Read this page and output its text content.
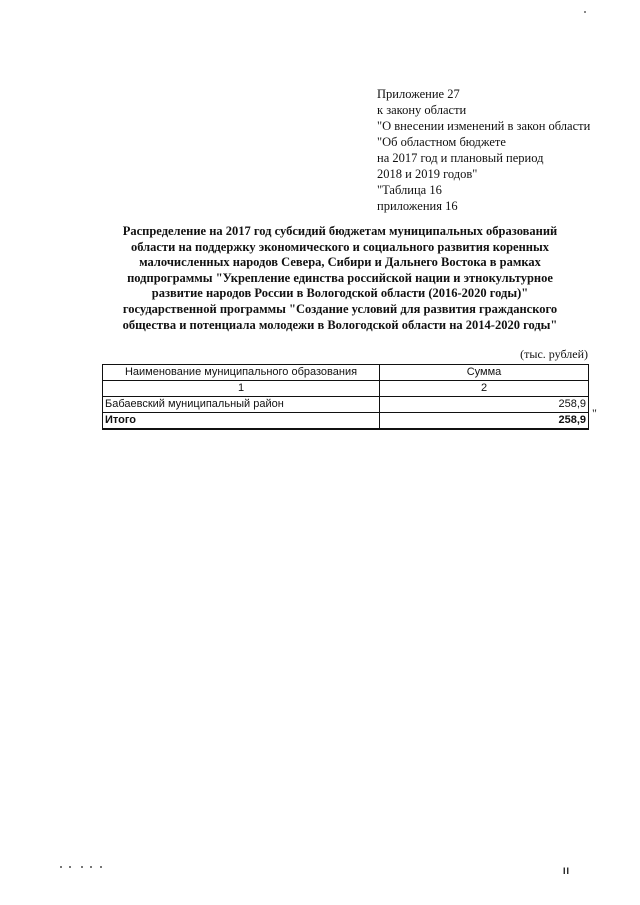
Приложение 27
к закону области
"О внесении изменений в закон области
"Об областном бюджете
на 2017 год и плановый период
2018 и 2019 годов"
"Таблица 16
приложения 16
Распределение на 2017 год субсидий бюджетам муниципальных образований
области на поддержку экономического и социального развития коренных
малочисленных народов Севера, Сибири и Дальнего Востока в рамках
подпрограммы "Укрепление единства российской нации и этнокультурное
развитие народов России в Вологодской области (2016-2020 годы)"
государственной программы "Создание условий для развития гражданского
общества и потенциала молодежи в Вологодской области на 2014-2020 годы"
(тыс. рублей)
Наименование муниципального образования	Сумма
1	2
Бабаевский муниципальный район	258,9
Итого	258,9 "
II
